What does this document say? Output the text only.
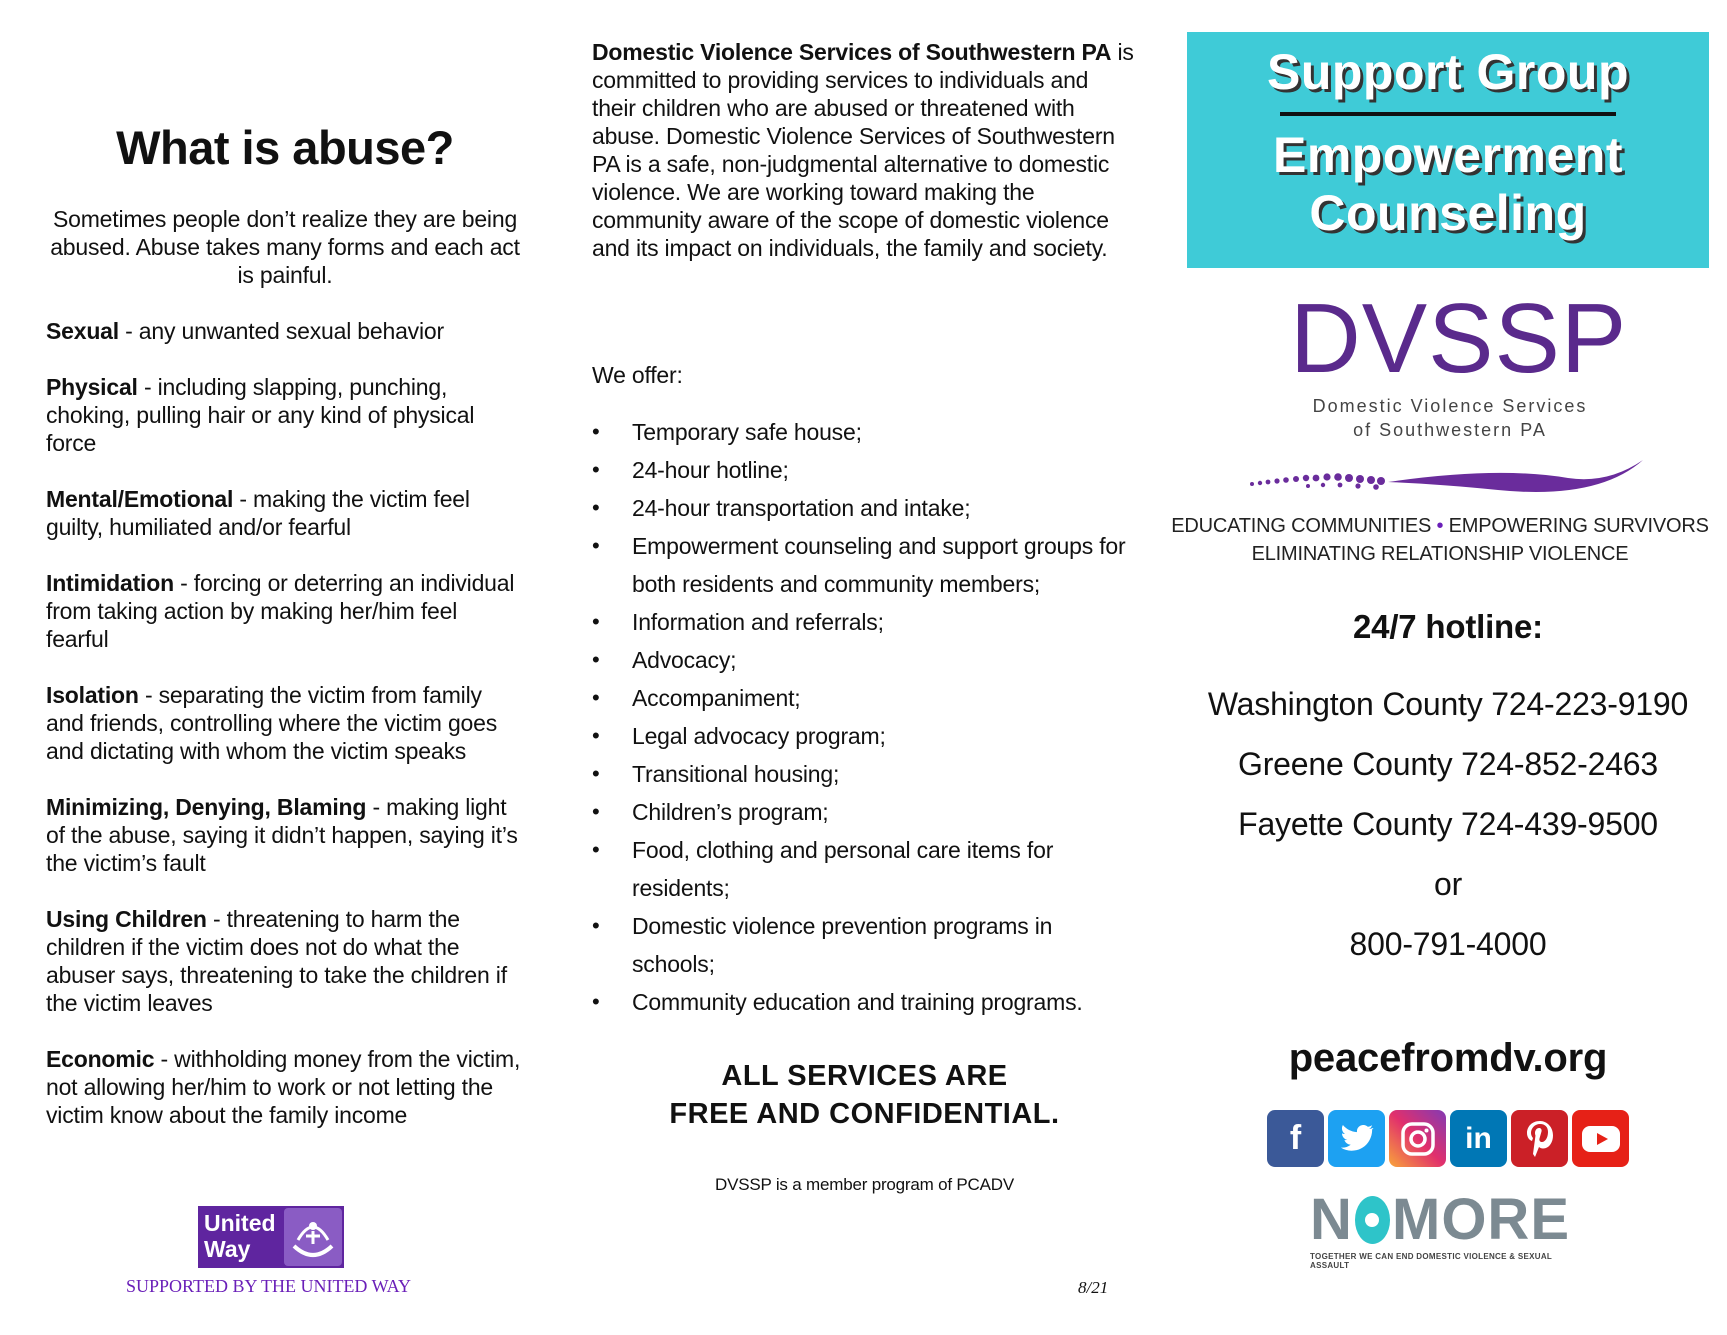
What is abuse?

Sometimes people don’t realize they are being abused. Abuse takes many forms and each act is painful.

Sexual - any unwanted sexual behavior

Physical - including slapping, punching, choking, pulling hair or any kind of physical force

Mental/Emotional - making the victim feel guilty, humiliated and/or fearful

Intimidation - forcing or deterring an individual from taking action by making her/him feel fearful

Isolation - separating the victim from family and friends, controlling where the victim goes and dictating with whom the victim speaks

Minimizing, Denying, Blaming - making light of the abuse, saying it didn’t happen, saying it’s the victim’s fault

Using Children - threatening to harm the children if the victim does not do what the abuser says, threatening to take the children if the victim leaves

Economic - withholding money from the victim, not allowing her/him to work or not letting the victim know about the family income

United
Way
SUPPORTED BY THE UNITED WAY

Domestic Violence Services of Southwestern PA is committed to providing services to individuals and their children who are abused or threatened with abuse. Domestic Violence Services of Southwestern PA is a safe, non-judgmental alternative to domestic violence. We are working toward making the community aware of the scope of domestic violence and its impact on individuals, the family and society.

We offer:

• Temporary safe house;
• 24-hour hotline;
• 24-hour transportation and intake;
• Empowerment counseling and support groups for both residents and community members;
• Information and referrals;
• Advocacy;
• Accompaniment;
• Legal advocacy program;
• Transitional housing;
• Children’s program;
• Food, clothing and personal care items for residents;
• Domestic violence prevention programs in schools;
• Community education and training programs.

ALL SERVICES ARE
FREE AND CONFIDENTIAL.

DVSSP is a member program of PCADV

8/21
Support Group
Empowerment
Counseling
DVSSP
Domestic Violence Services
of Southwestern PA
EDUCATING COMMUNITIES • EMPOWERING SURVIVORS
ELIMINATING RELATIONSHIP VIOLENCE
24/7 hotline:
Washington County 724-223-9190
Greene County 724-852-2463
Fayette County 724-439-9500
or
800-791-4000
peacefromdv.org
f	in
N MORE
TOGETHER WE CAN END DOMESTIC VIOLENCE & SEXUAL ASSAULT
